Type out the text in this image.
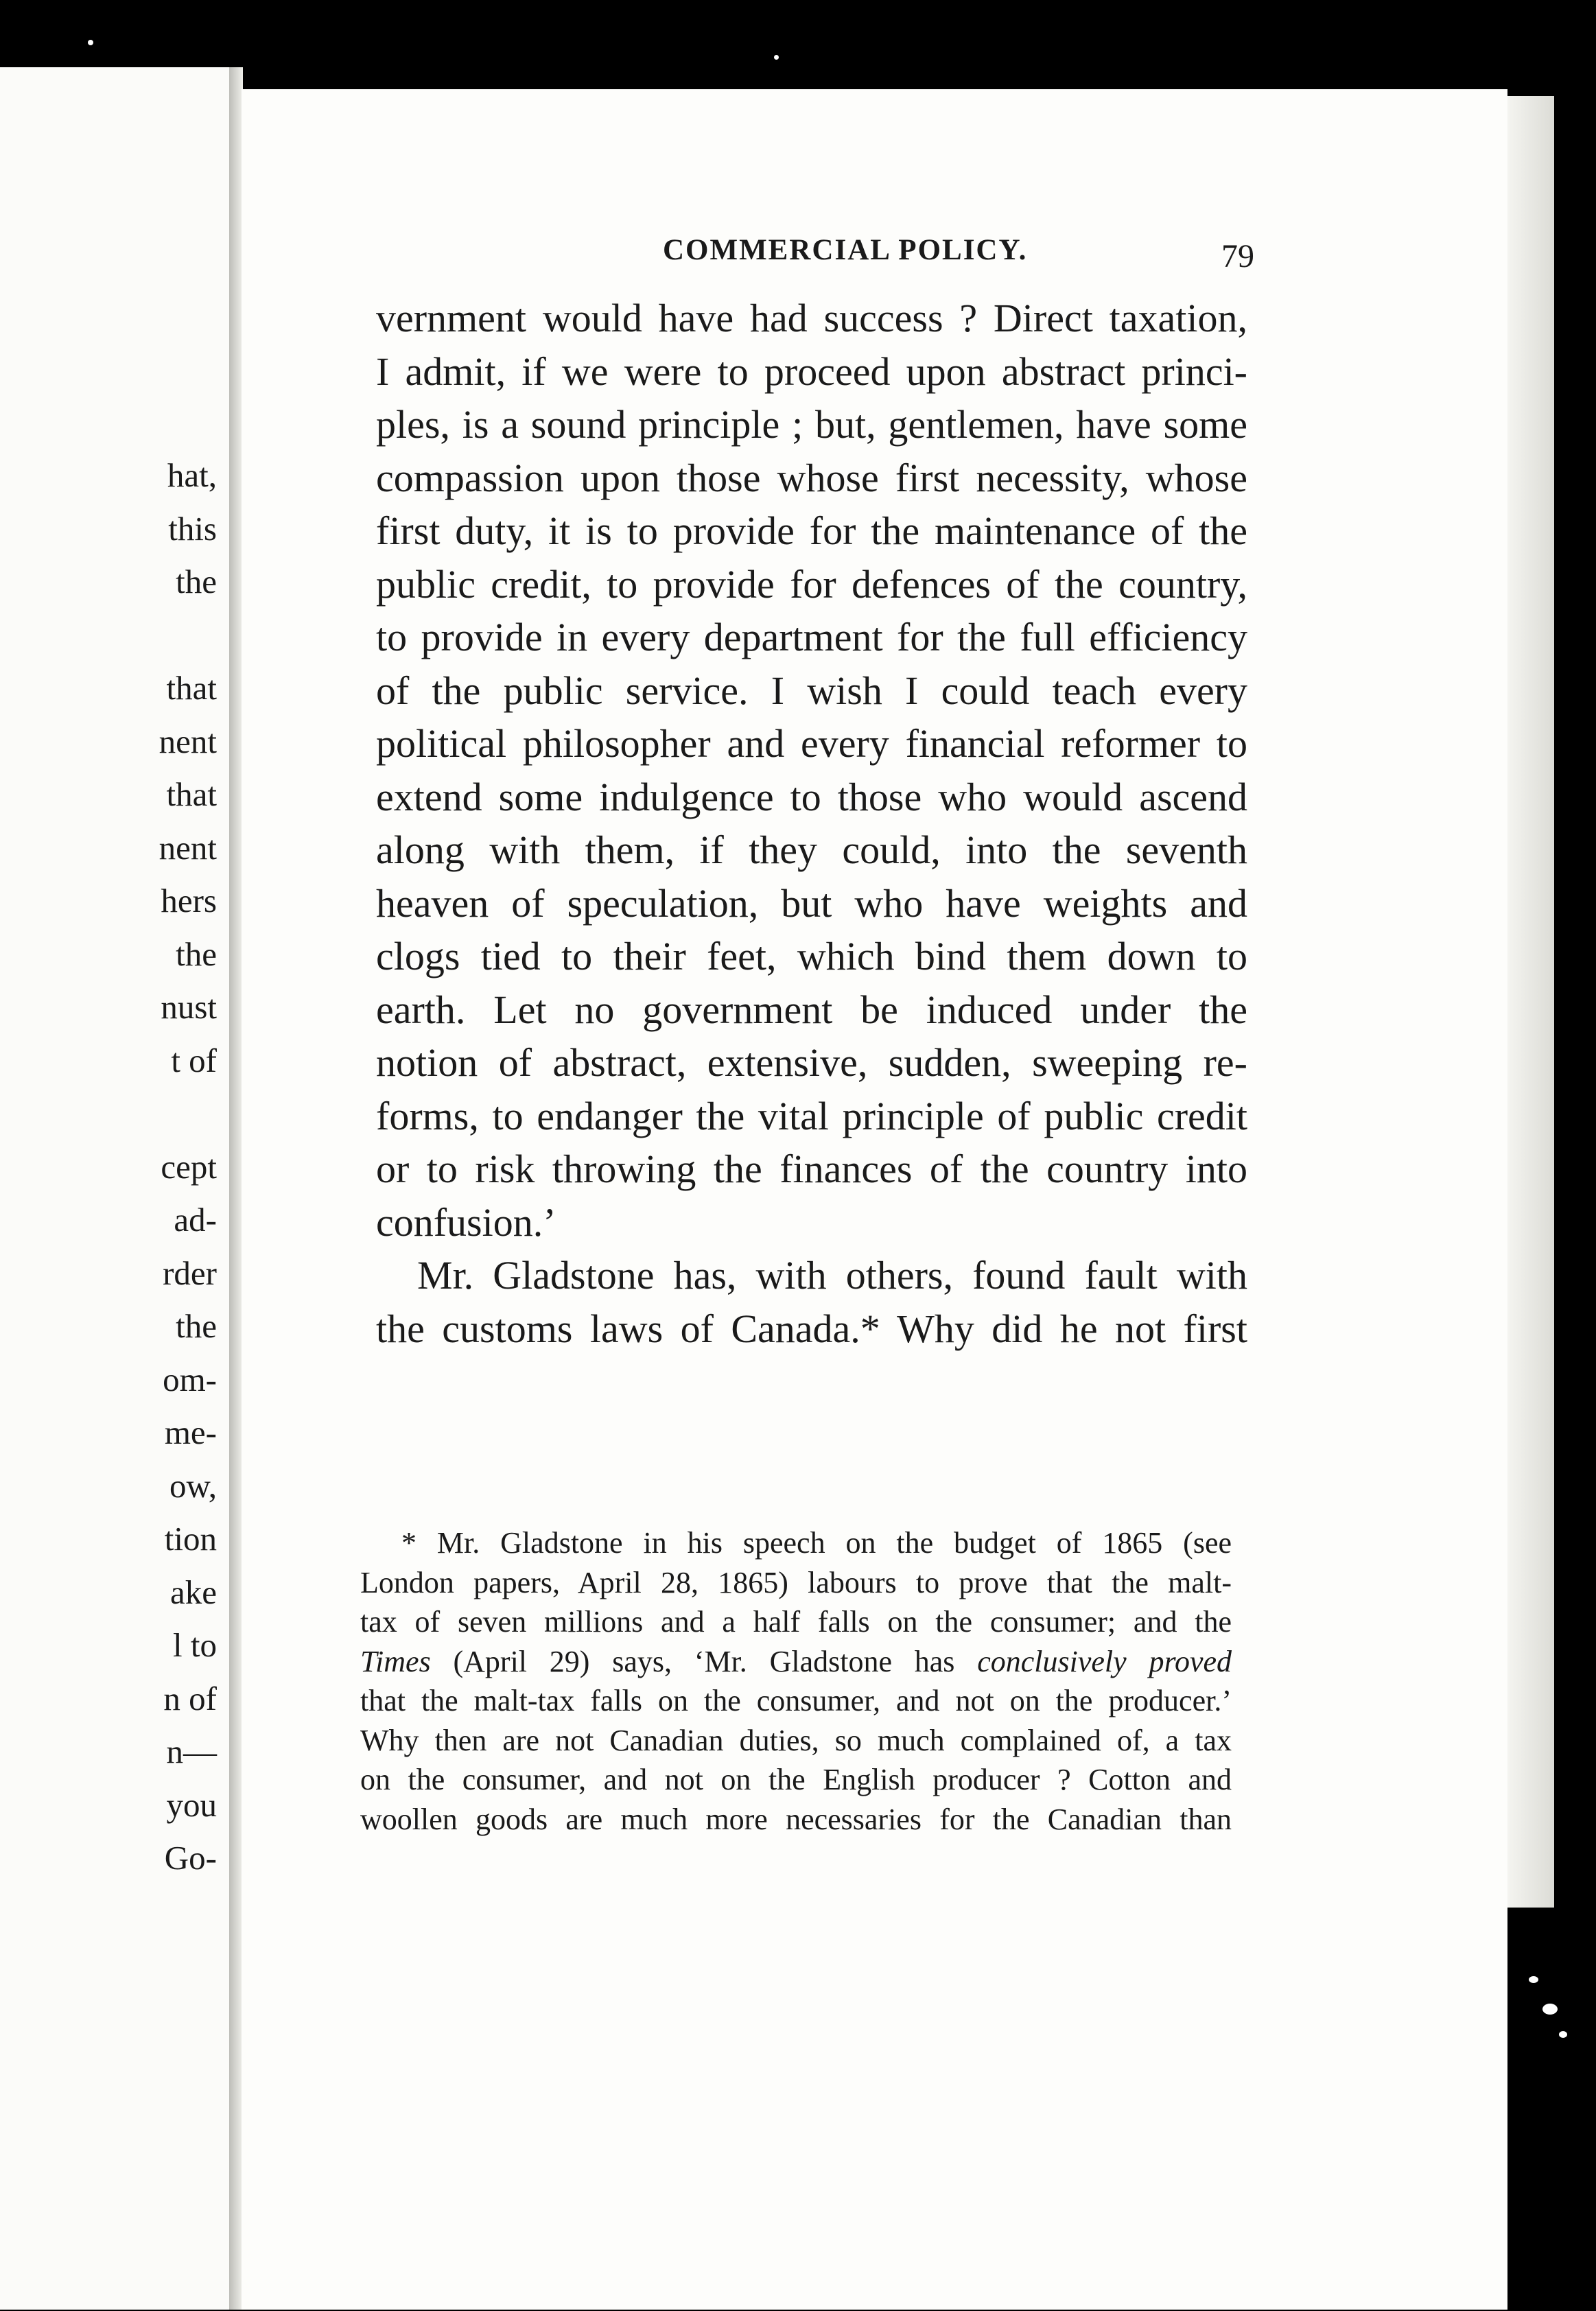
hat,
this
the
that
nent
that
nent
hers
the
nust
t of
cept
ad-
rder
the
om-
me-
ow,
tion
ake
l to
n of
n—
you
Go-
COMMERCIAL POLICY.	79
vernment would have had success ? Direct taxation,
I admit, if we were to proceed upon abstract princi-
ples, is a sound principle ; but, gentlemen, have some
compassion upon those whose first necessity, whose
first duty, it is to provide for the maintenance of the
public credit, to provide for defences of the country,
to provide in every department for the full efficiency
of the public service. I wish I could teach every
political philosopher and every financial reformer to
extend some indulgence to those who would ascend
along with them, if they could, into the seventh
heaven of speculation, but who have weights and
clogs tied to their feet, which bind them down to
earth. Let no government be induced under the
notion of abstract, extensive, sudden, sweeping re-
forms, to endanger the vital principle of public credit
or to risk throwing the finances of the country into
confusion.’
Mr. Gladstone has, with others, found fault with
the customs laws of Canada.* Why did he not first
* Mr. Gladstone in his speech on the budget of 1865 (see
London papers, April 28, 1865) labours to prove that the malt-
tax of seven millions and a half falls on the consumer; and the
Times (April 29) says, ‘Mr. Gladstone has conclusively proved
that the malt-tax falls on the consumer, and not on the producer.’
Why then are not Canadian duties, so much complained of, a tax
on the consumer, and not on the English producer ? Cotton and
woollen goods are much more necessaries for the Canadian than
